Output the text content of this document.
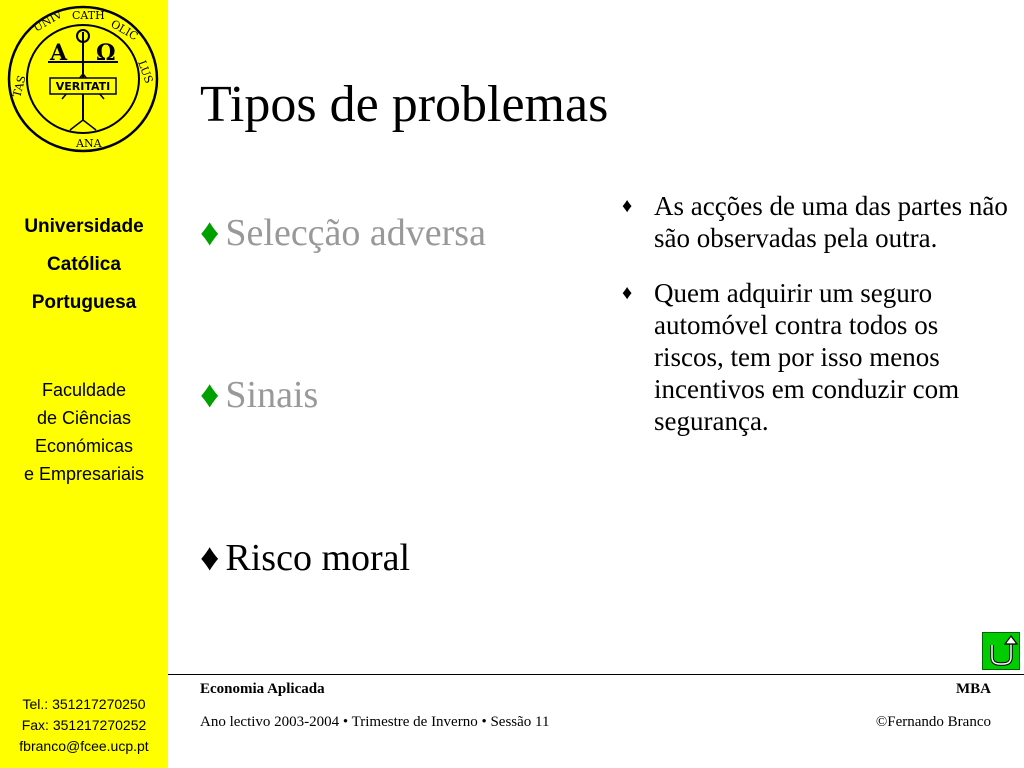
UNIV CATH
OLIC
LUS
TAS
ANA
A Ω
VERITATI
Universidade
Católica
Portuguesa
Faculdade
de Ciências
Económicas
e Empresariais
Tel.: 351217270250
Fax: 351217270252
fbranco@fcee.ucp.pt
Tipos de problemas
♦ Selecção adversa
♦ Sinais
♦ Risco moral
♦ As acções de uma das partes não são observadas pela outra.
♦ Quem adquirir um seguro automóvel contra todos os riscos, tem por isso menos incentivos em conduzir com segurança.
Economia Aplicada	MBA
Ano lectivo 2003-2004 • Trimestre de Inverno • Sessão 11	©Fernando Branco
